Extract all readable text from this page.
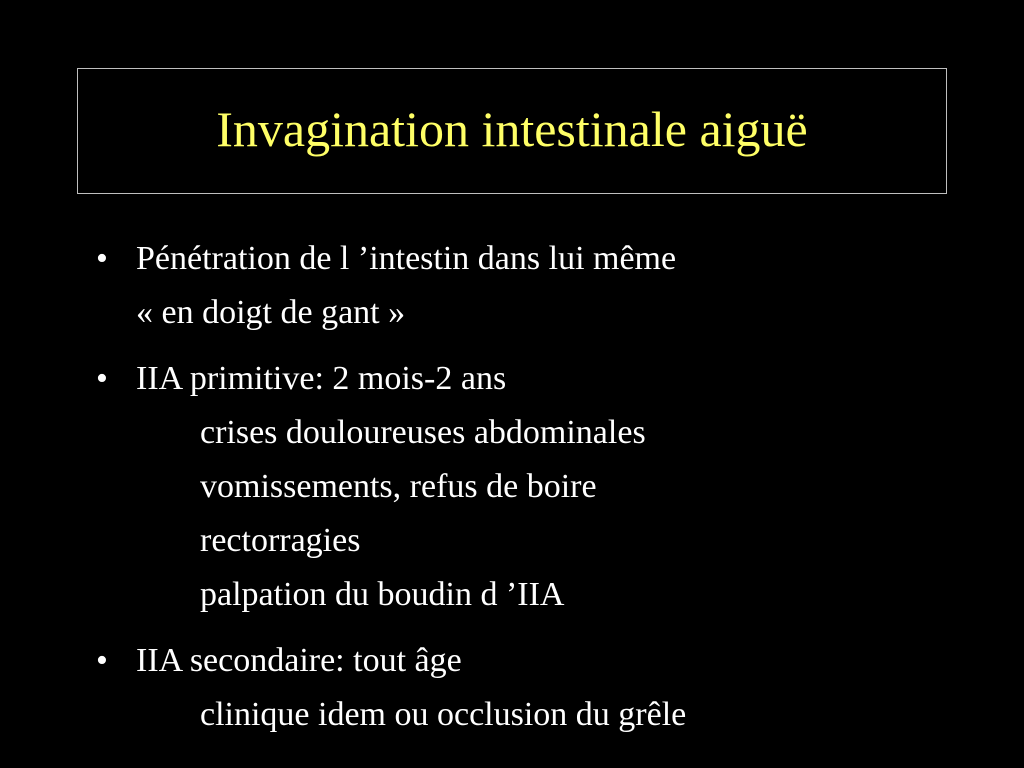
Invagination intestinale aiguë
• Pénétration de l ’intestin dans lui même
« en doigt de gant »
• IIA primitive: 2 mois-2 ans
crises douloureuses abdominales
vomissements, refus de boire
rectorragies
palpation du boudin d ’IIA
• IIA secondaire: tout âge
clinique idem ou occlusion du grêle
